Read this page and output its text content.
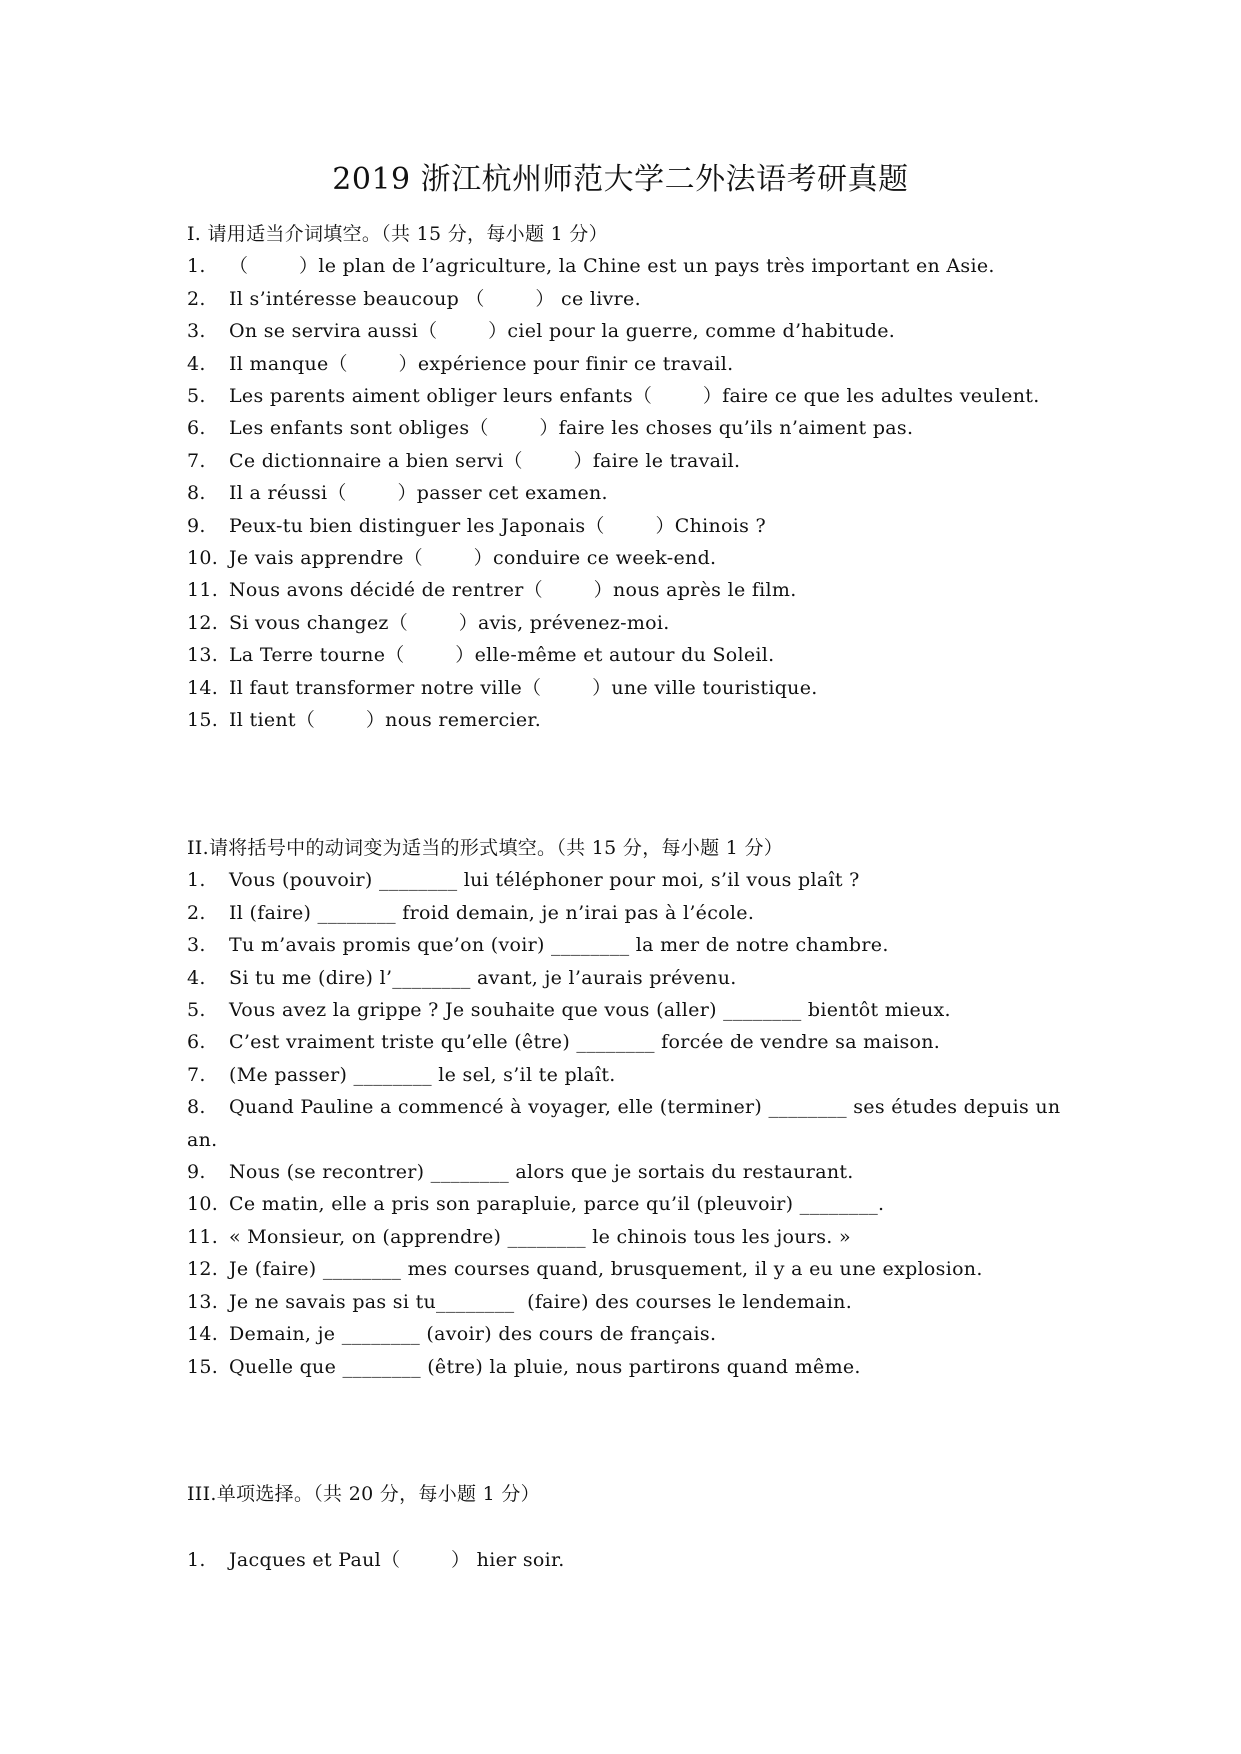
2019 浙江杭州师范大学二外法语考研真题

I. 请用适当介词填空。（共 15 分，每小题 1 分）

1. （        ）le plan de l’agriculture, la Chine est un pays très important en Asie.

2. Il s’intéresse beaucoup （        ） ce livre.

3. On se servira aussi（        ）ciel pour la guerre, comme d’habitude.

4. Il manque（        ）expérience pour finir ce travail.

5. Les parents aiment obliger leurs enfants（        ）faire ce que les adultes veulent.

6. Les enfants sont obliges（        ）faire les choses qu’ils n’aiment pas.

7. Ce dictionnaire a bien servi（        ）faire le travail.

8. Il a réussi（        ）passer cet examen.

9. Peux-tu bien distinguer les Japonais（        ）Chinois ?

10. Je vais apprendre（        ）conduire ce week-end.

11. Nous avons décidé de rentrer（        ）nous après le film.

12. Si vous changez（        ）avis, prévenez-moi.

13. La Terre tourne（        ）elle-même et autour du Soleil.

14. Il faut transformer notre ville（        ）une ville touristique.

15. Il tient（        ）nous remercier.

II.请将括号中的动词变为适当的形式填空。（共 15 分，每小题 1 分）

1. Vous (pouvoir) ________ lui téléphoner pour moi, s’il vous plaît ?

2. Il (faire) ________ froid demain, je n’irai pas à l’école.

3. Tu m’avais promis que’on (voir) ________ la mer de notre chambre.

4. Si tu me (dire) l’________ avant, je l’aurais prévenu.

5. Vous avez la grippe ? Je souhaite que vous (aller) ________ bientôt mieux.

6. C’est vraiment triste qu’elle (être) ________ forcée de vendre sa maison.

7. (Me passer) ________ le sel, s’il te plaît.

8. Quand Pauline a commencé à voyager, elle (terminer) ________ ses études depuis un an.

9. Nous (se recontrer) ________ alors que je sortais du restaurant.

10. Ce matin, elle a pris son parapluie, parce qu’il (pleuvoir) ________.

11. « Monsieur, on (apprendre) ________ le chinois tous les jours. »

12. Je (faire) ________ mes courses quand, brusquement, il y a eu une explosion.

13. Je ne savais pas si tu________  (faire) des courses le lendemain.

14. Demain, je ________ (avoir) des cours de français.

15. Quelle que ________ (être) la pluie, nous partirons quand même.

III.单项选择。（共 20 分，每小题 1 分）

1. Jacques et Paul（        ） hier soir.
